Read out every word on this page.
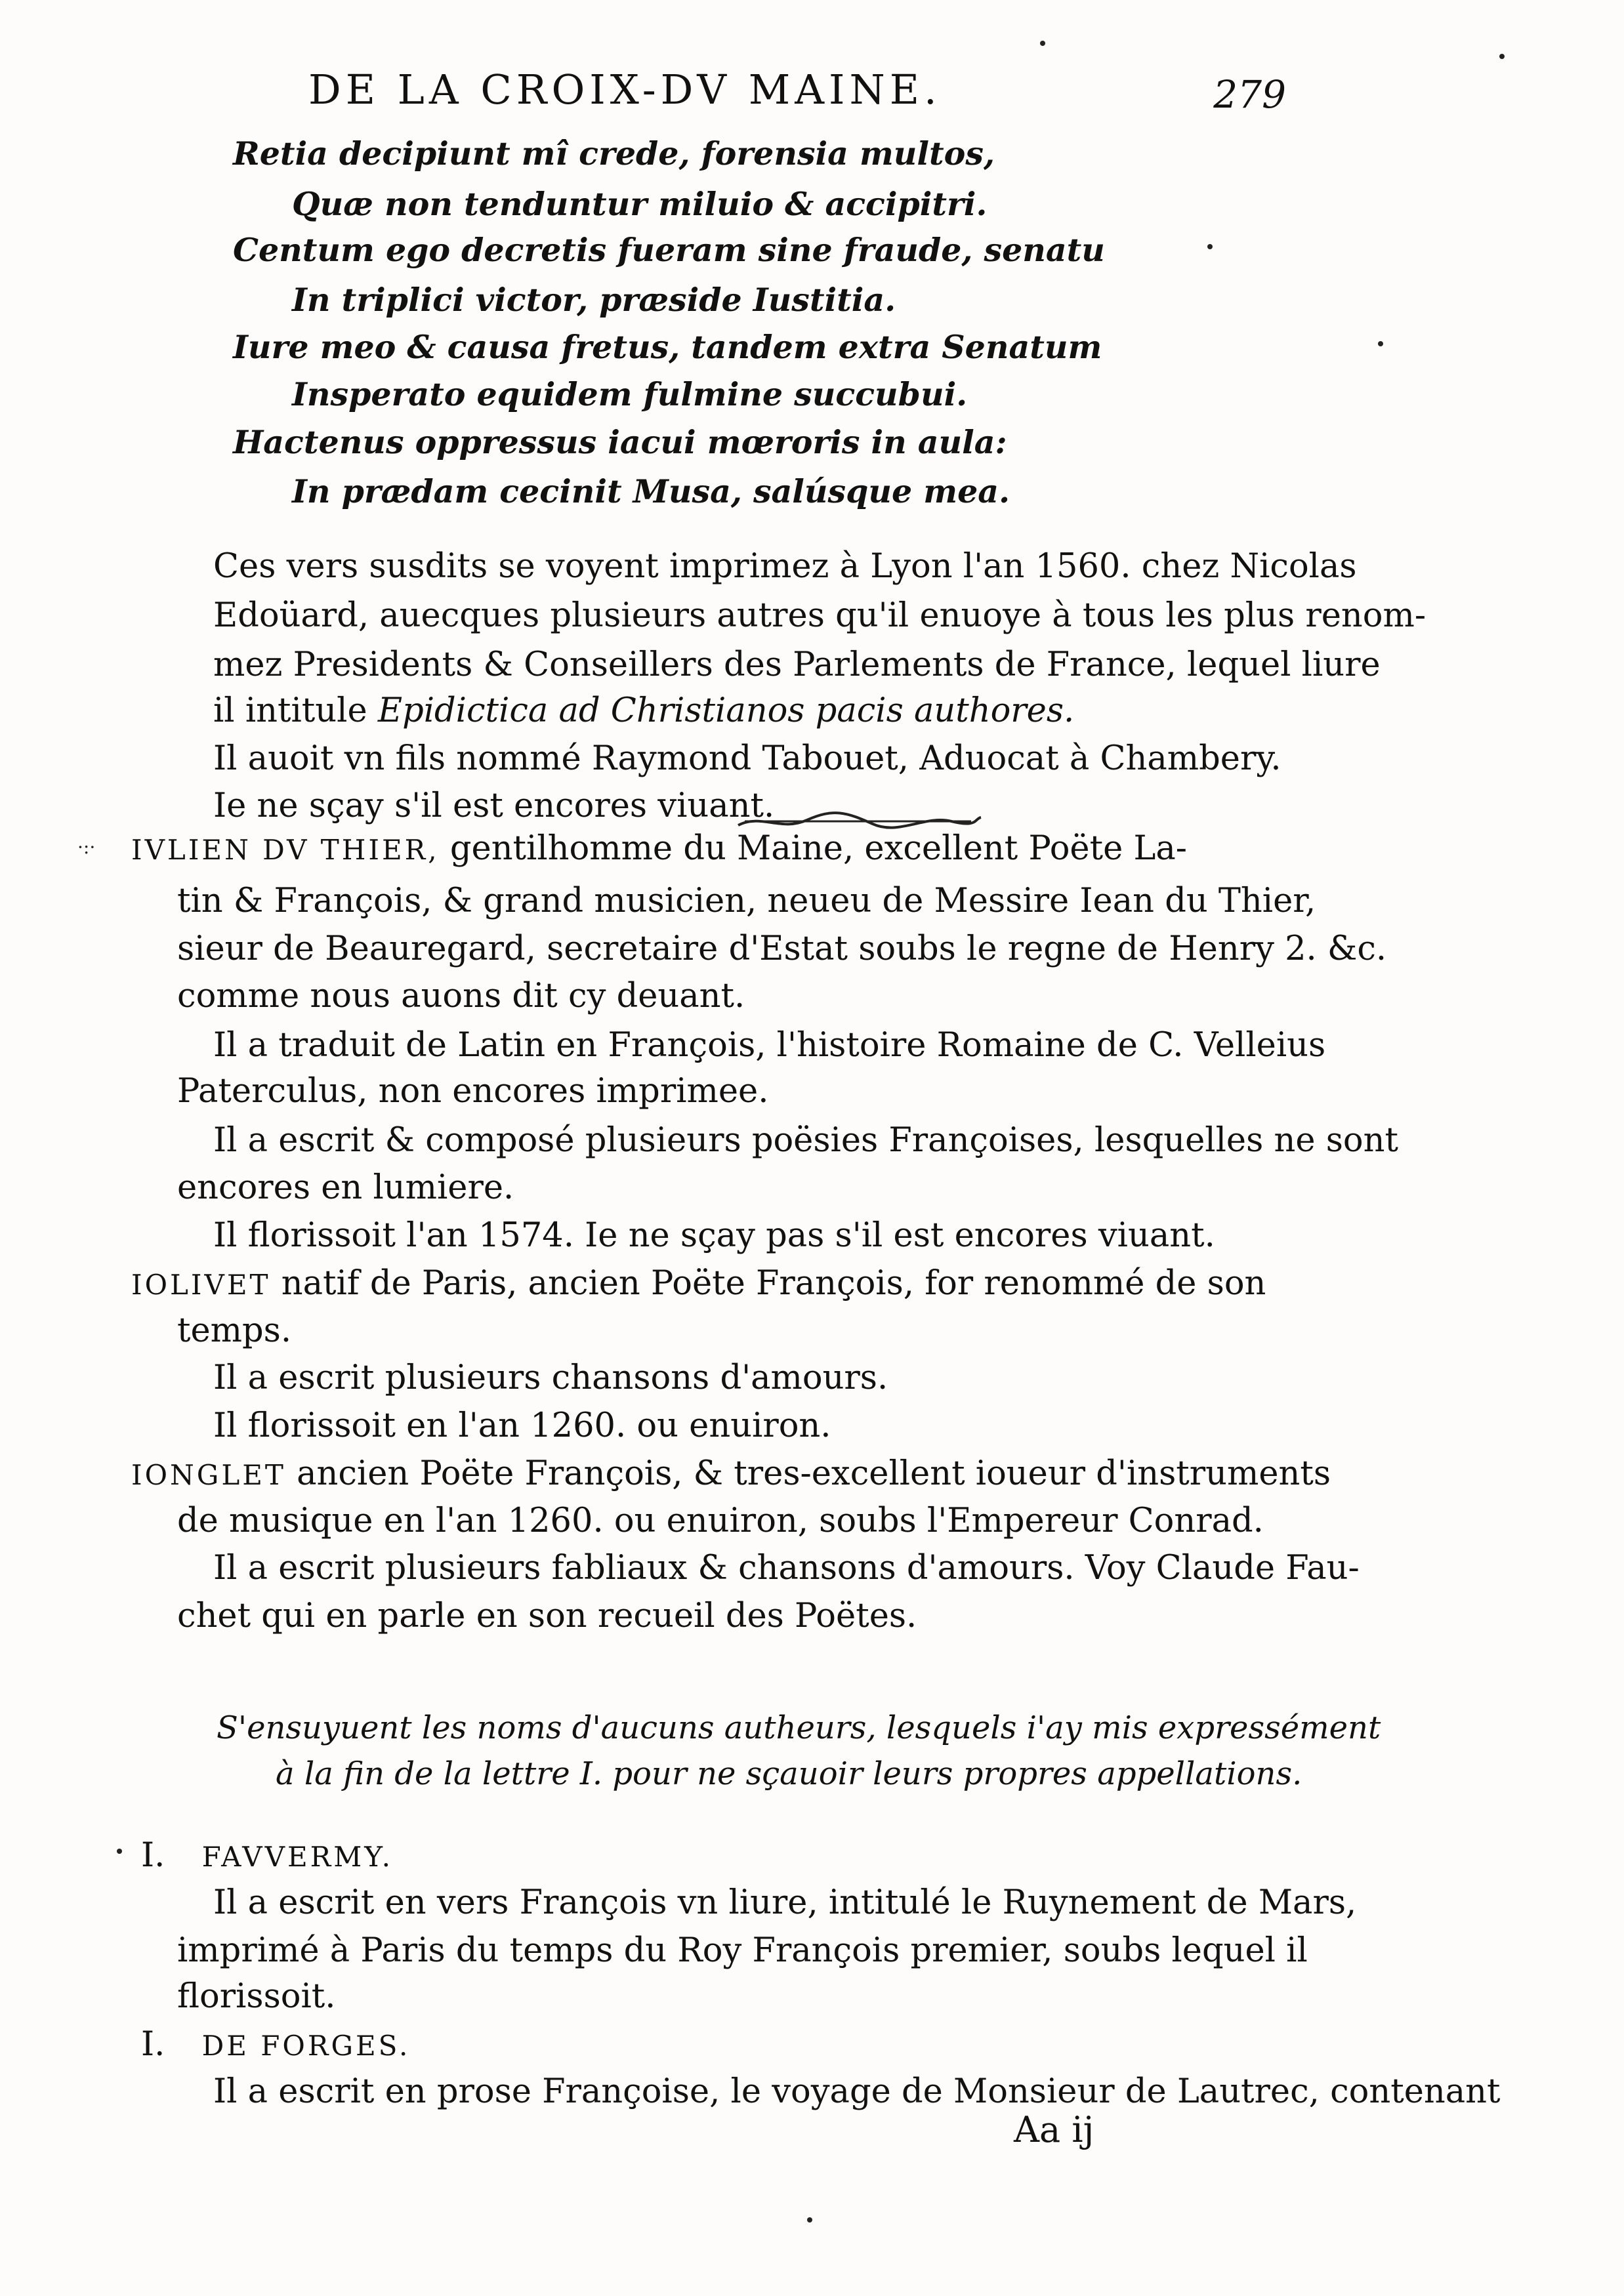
DE LA CROIX-DV MAINE.	279
Retia decipiunt mî crede, forensia multos,
Quæ non tenduntur miluio & accipitri.
Centum ego decretis fueram sine fraude, senatu
In triplici victor, præside Iustitia.
Iure meo & causa fretus, tandem extra Senatum
Insperato equidem fulmine succubui.
Hactenus oppressus iacui mœroris in aula:
In prædam cecinit Musa, salúsque mea.
Ces vers susdits se voyent imprimez à Lyon l'an 1560. chez Nicolas
Edoüard, auecques plusieurs autres qu'il enuoye à tous les plus renom-
mez Presidents & Conseillers des Parlements de France, lequel liure
il intitule Epidictica ad Christianos pacis authores.
Il auoit vn fils nommé Raymond Tabouet, Aduocat à Chambery.
Ie ne sçay s'il est encores viuant.
·:· IVLIEN DV THIER, gentilhomme du Maine, excellent Poëte La-
tin & François, & grand musicien, neueu de Messire Iean du Thier,
sieur de Beauregard, secretaire d'Estat soubs le regne de Henry 2. &c.
comme nous auons dit cy deuant.
Il a traduit de Latin en François, l'histoire Romaine de C. Velleius
Paterculus, non encores imprimee.
Il a escrit & composé plusieurs poësies Françoises, lesquelles ne sont
encores en lumiere.
Il florissoit l'an 1574. Ie ne sçay pas s'il est encores viuant.
IOLIVET natif de Paris, ancien Poëte François, for renommé de son
temps.
Il a escrit plusieurs chansons d'amours.
Il florissoit en l'an 1260. ou enuiron.
IONGLET ancien Poëte François, & tres-excellent ioueur d'instruments
de musique en l'an 1260. ou enuiron, soubs l'Empereur Conrad.
Il a escrit plusieurs fabliaux & chansons d'amours. Voy Claude Fau-
chet qui en parle en son recueil des Poëtes.
S'ensuyuent les noms d'aucuns autheurs, lesquels i'ay mis expressément
à la fin de la lettre I. pour ne sçauoir leurs propres appellations.
I. FAVVERMY.
Il a escrit en vers François vn liure, intitulé le Ruynement de Mars,
imprimé à Paris du temps du Roy François premier, soubs lequel il
florissoit.
I. DE FORGES.
Il a escrit en prose Françoise, le voyage de Monsieur de Lautrec, contenant
Aa ij
